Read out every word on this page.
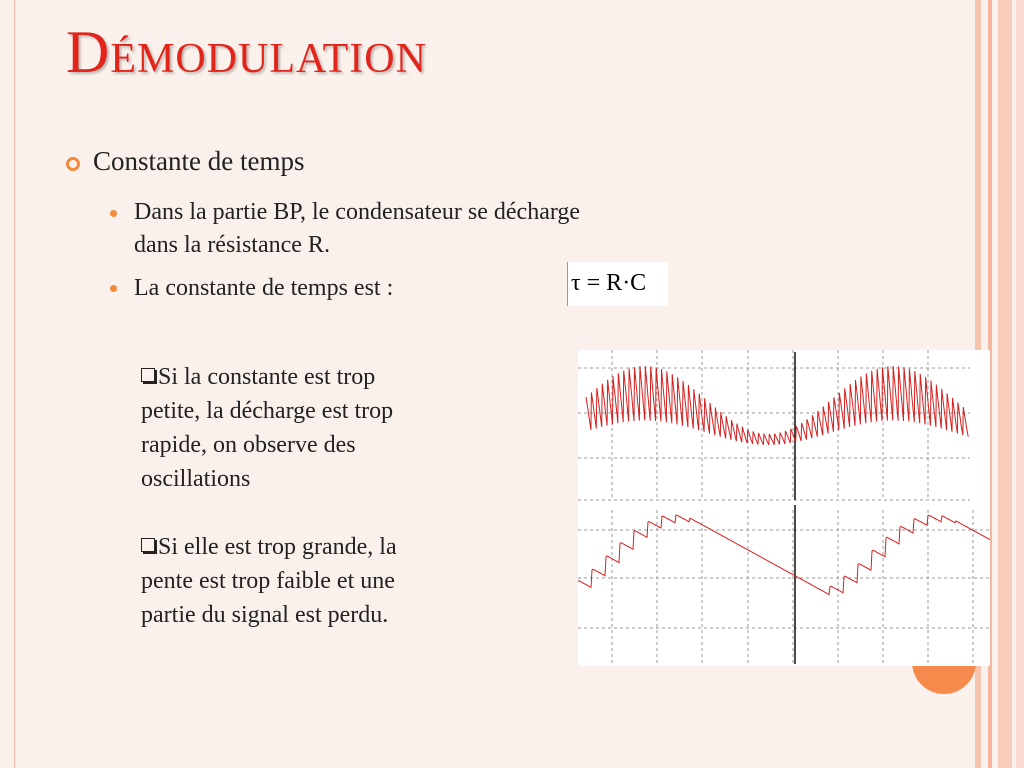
Démodulation
Constante de temps
Dans la partie BP, le condensateur se décharge
dans la résistance R.
La constante de temps est :	τ = R·C
Si la constante est trop
petite, la décharge est trop
rapide, on observe des
oscillations
Si elle est trop grande, la
pente est trop faible et une
partie du signal est perdu.
